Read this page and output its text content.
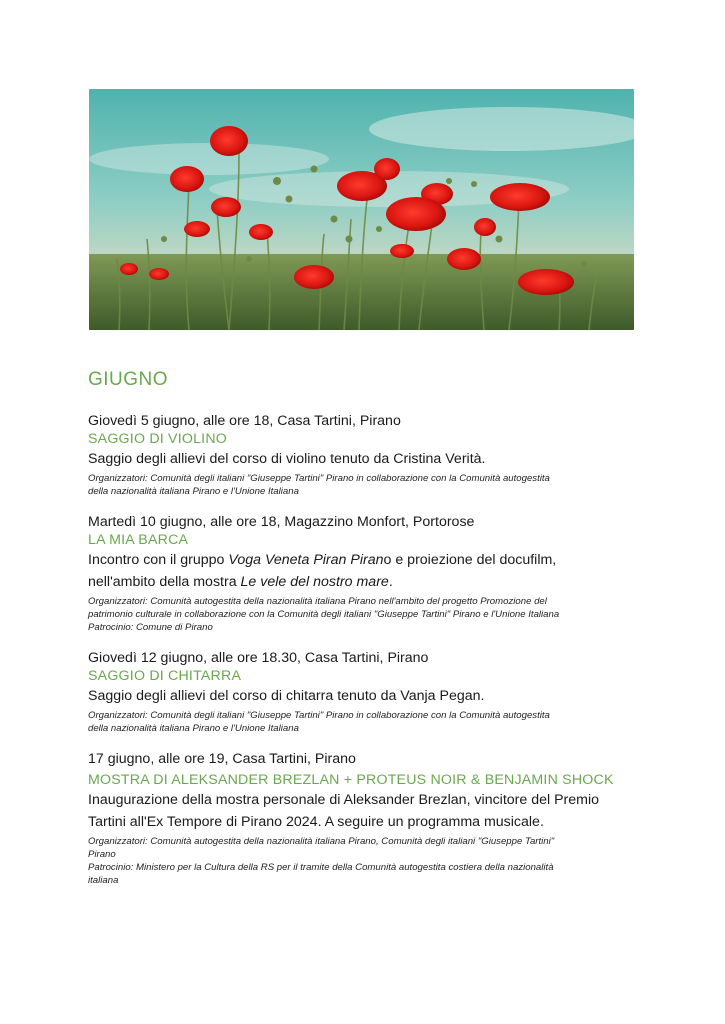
GIUGNO
Giovedì 5 giugno, alle ore 18, Casa Tartini, Pirano
SAGGIO DI VIOLINO
Saggio degli allievi del corso di violino tenuto da Cristina Verità.
Organizzatori: Comunità degli italiani "Giuseppe Tartini" Pirano in collaborazione con la Comunità autogestita
della nazionalità italiana Pirano e l'Unione Italiana
Martedì 10 giugno, alle ore 18, Magazzino Monfort, Portorose
LA MIA BARCA
Incontro con il gruppo Voga Veneta Piran Pirano e proiezione del docufilm,
nell'ambito della mostra Le vele del nostro mare.
Organizzatori: Comunità autogestita della nazionalità italiana Pirano nell'ambito del progetto Promozione del
patrimonio culturale in collaborazione con la Comunità degli italiani "Giuseppe Tartini" Pirano e l'Unione Italiana
Patrocinio: Comune di Pirano
Giovedì 12 giugno, alle ore 18.30, Casa Tartini, Pirano
SAGGIO DI CHITARRA
Saggio degli allievi del corso di chitarra tenuto da Vanja Pegan.
Organizzatori: Comunità degli italiani "Giuseppe Tartini" Pirano in collaborazione con la Comunità autogestita
della nazionalità italiana Pirano e l'Unione Italiana
17 giugno, alle ore 19, Casa Tartini, Pirano
MOSTRA DI ALEKSANDER BREZLAN + PROTEUS NOIR & BENJAMIN SHOCK
Inaugurazione della mostra personale di Aleksander Brezlan, vincitore del Premio
Tartini all'Ex Tempore di Pirano 2024. A seguire un programma musicale.
Organizzatori: Comunità autogestita della nazionalità italiana Pirano, Comunità degli italiani "Giuseppe Tartini"
Pirano
Patrocinio: Ministero per la Cultura della RS per il tramite della Comunità autogestita costiera della nazionalità
italiana
